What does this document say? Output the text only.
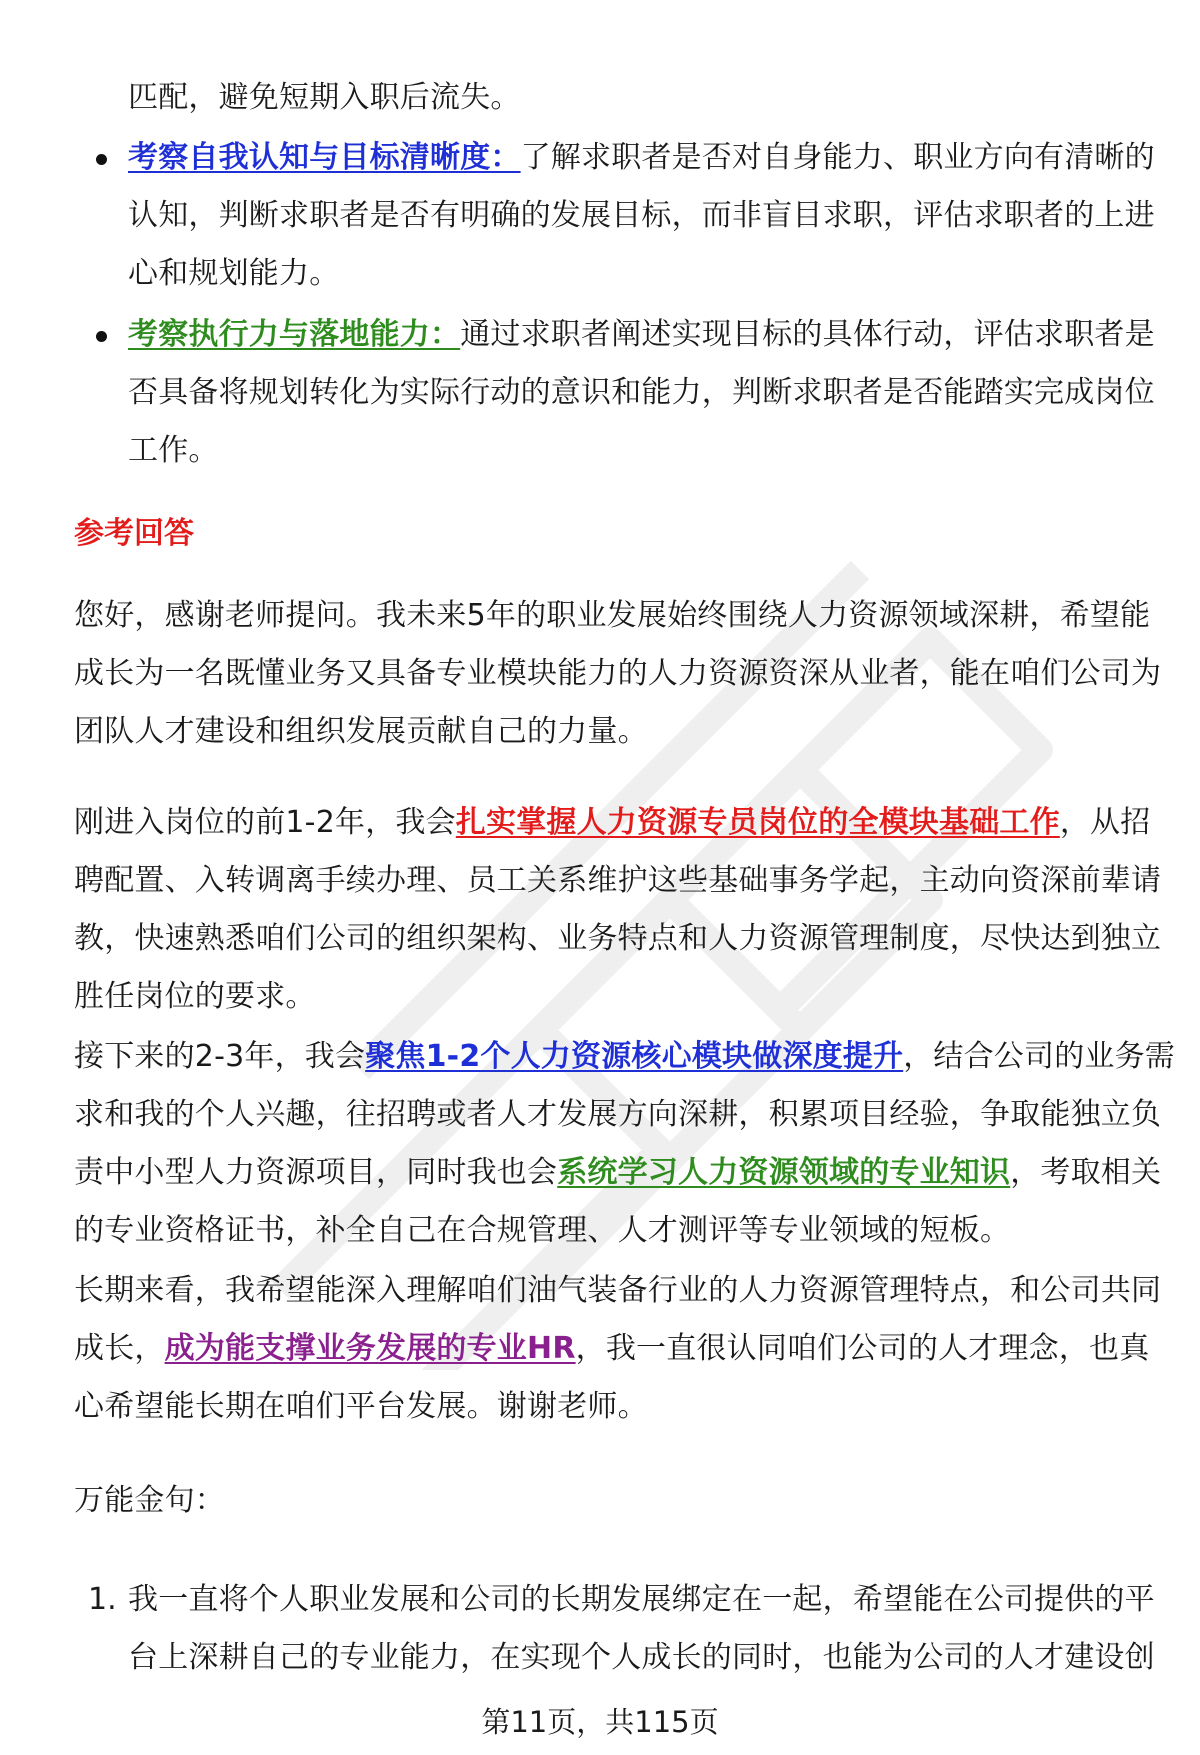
匹配，避免短期入职后流失。
考察自我认知与目标清晰度：了解求职者是否对自身能力、职业方向有清晰的
认知，判断求职者是否有明确的发展目标，而非盲目求职，评估求职者的上进
心和规划能力。
考察执行力与落地能力：通过求职者阐述实现目标的具体行动，评估求职者是
否具备将规划转化为实际行动的意识和能力，判断求职者是否能踏实完成岗位
工作。
参考回答
您好，感谢老师提问。我未来5年的职业发展始终围绕人力资源领域深耕，希望能
成长为一名既懂业务又具备专业模块能力的人力资源资深从业者，能在咱们公司为
团队人才建设和组织发展贡献自己的力量。
刚进入岗位的前1-2年，我会扎实掌握人力资源专员岗位的全模块基础工作，从招
聘配置、入转调离手续办理、员工关系维护这些基础事务学起，主动向资深前辈请
教，快速熟悉咱们公司的组织架构、业务特点和人力资源管理制度，尽快达到独立
胜任岗位的要求。
接下来的2-3年，我会聚焦1-2个人力资源核心模块做深度提升，结合公司的业务需
求和我的个人兴趣，往招聘或者人才发展方向深耕，积累项目经验，争取能独立负
责中小型人力资源项目，同时我也会系统学习人力资源领域的专业知识，考取相关
的专业资格证书，补全自己在合规管理、人才测评等专业领域的短板。
长期来看，我希望能深入理解咱们油气装备行业的人力资源管理特点，和公司共同
成长，成为能支撑业务发展的专业HR，我一直很认同咱们公司的人才理念，也真
心希望能长期在咱们平台发展。谢谢老师。
万能金句：
1. 我一直将个人职业发展和公司的长期发展绑定在一起，希望能在公司提供的平
台上深耕自己的专业能力，在实现个人成长的同时，也能为公司的人才建设创
第11页，共115页
